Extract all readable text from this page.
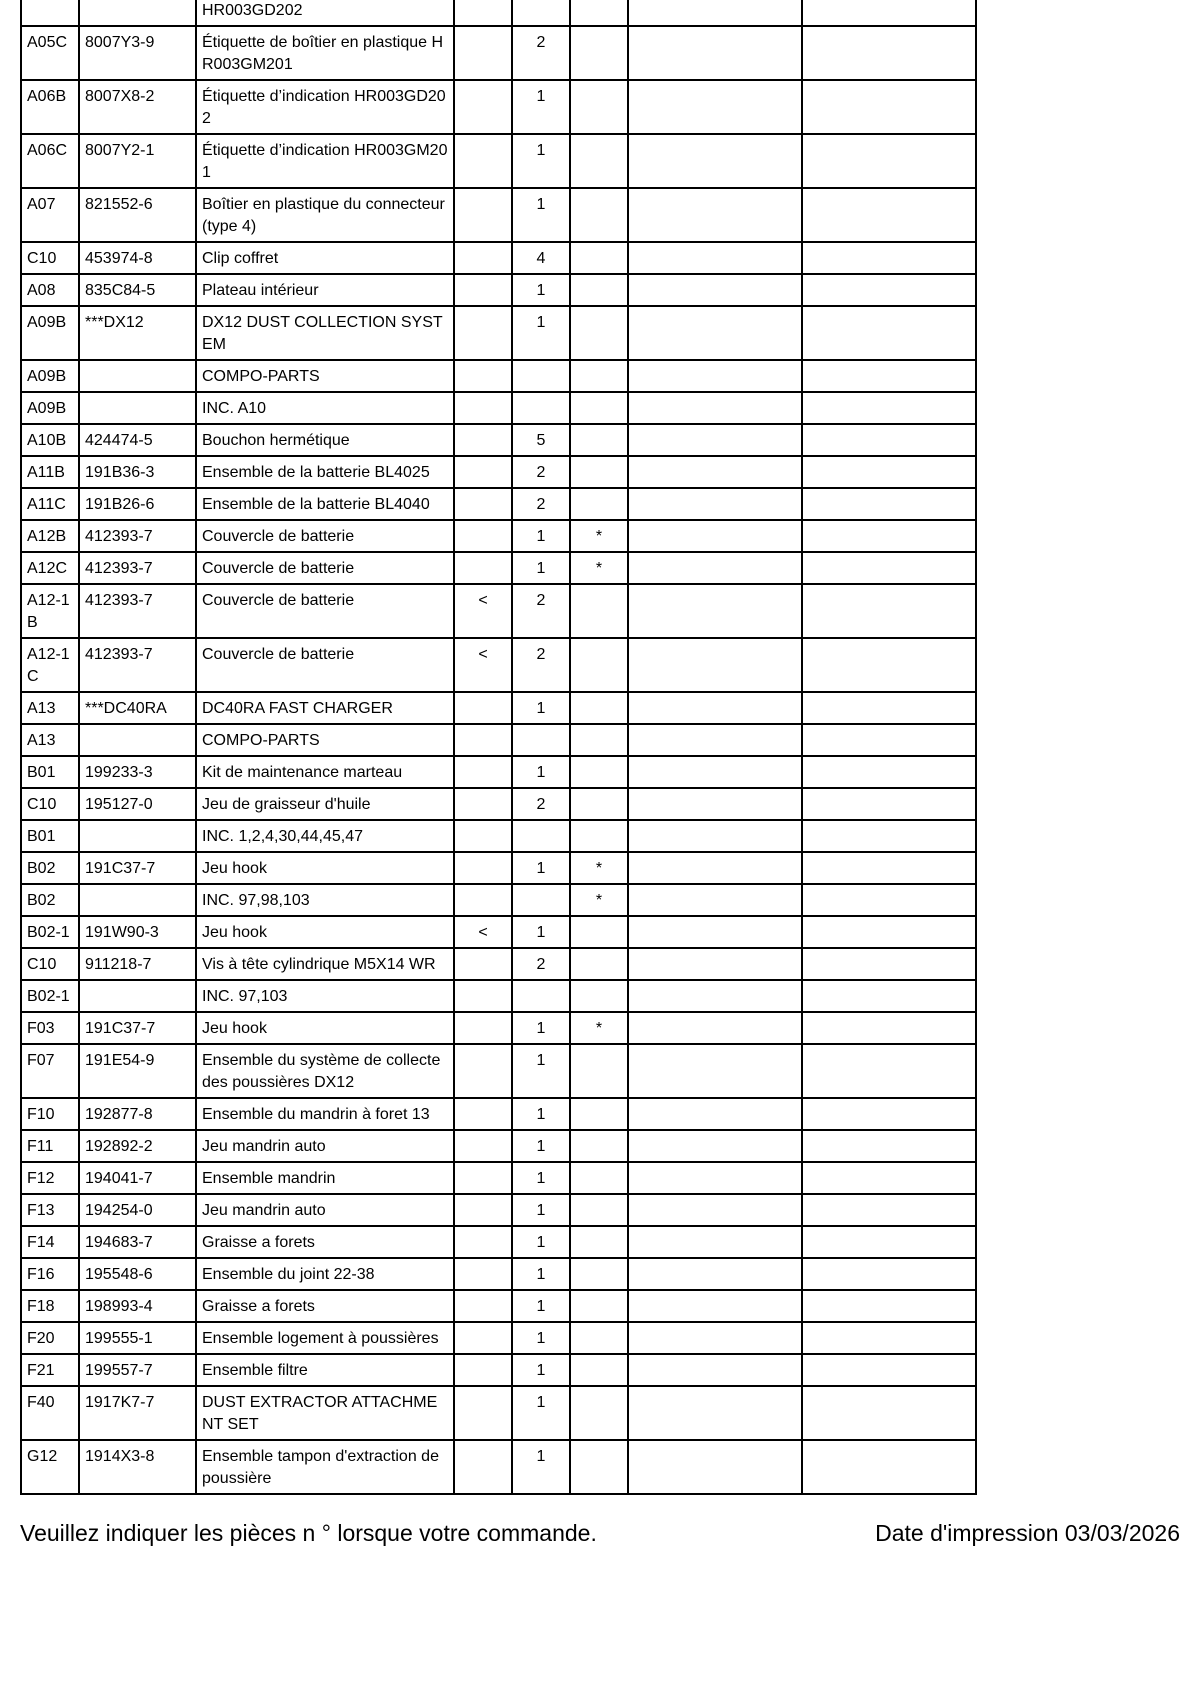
		HR003GD202					
A05C	8007Y3-9	Étiquette de boîtier en plastique HR003GM201		2			
A06B	8007X8-2	Étiquette d’indication HR003GD202		1			
A06C	8007Y2-1	Étiquette d’indication HR003GM201		1			
A07	821552-6	Boîtier en plastique du connecteur (type 4)		1			
C10	453974-8	Clip coffret		4			
A08	835C84-5	Plateau intérieur		1			
A09B	***DX12	DX12 DUST COLLECTION SYSTEM		1			
A09B		COMPO-PARTS					
A09B		INC. A10					
A10B	424474-5	Bouchon hermétique		5			
A11B	191B36-3	Ensemble de la batterie BL4025		2			
A11C	191B26-6	Ensemble de la batterie BL4040		2			
A12B	412393-7	Couvercle de batterie		1	*		
A12C	412393-7	Couvercle de batterie		1	*		
A12-1B	412393-7	Couvercle de batterie	<	2			
A12-1C	412393-7	Couvercle de batterie	<	2			
A13	***DC40RA	DC40RA FAST CHARGER		1			
A13		COMPO-PARTS					
B01	199233-3	Kit de maintenance marteau		1			
C10	195127-0	Jeu de graisseur d'huile		2			
B01		INC. 1,2,4,30,44,45,47					
B02	191C37-7	Jeu hook		1	*		
B02		INC. 97,98,103			*		
B02-1	191W90-3	Jeu hook	<	1			
C10	911218-7	Vis à tête cylindrique M5X14 WR		2			
B02-1		INC. 97,103					
F03	191C37-7	Jeu hook		1	*		
F07	191E54-9	Ensemble du système de collecte des poussières DX12		1			
F10	192877-8	Ensemble du mandrin à foret 13		1			
F11	192892-2	Jeu mandrin auto		1			
F12	194041-7	Ensemble mandrin		1			
F13	194254-0	Jeu mandrin auto		1			
F14	194683-7	Graisse a forets		1			
F16	195548-6	Ensemble du joint 22-38		1			
F18	198993-4	Graisse a forets		1			
F20	199555-1	Ensemble logement à poussières		1			
F21	199557-7	Ensemble filtre		1			
F40	1917K7-7	DUST EXTRACTOR ATTACHMENT SET		1			
G12	1914X3-8	Ensemble tampon d'extraction de poussière		1			
Veuillez indiquer les pièces n ° lorsque votre commande.	Date d'impression 03/03/2026
